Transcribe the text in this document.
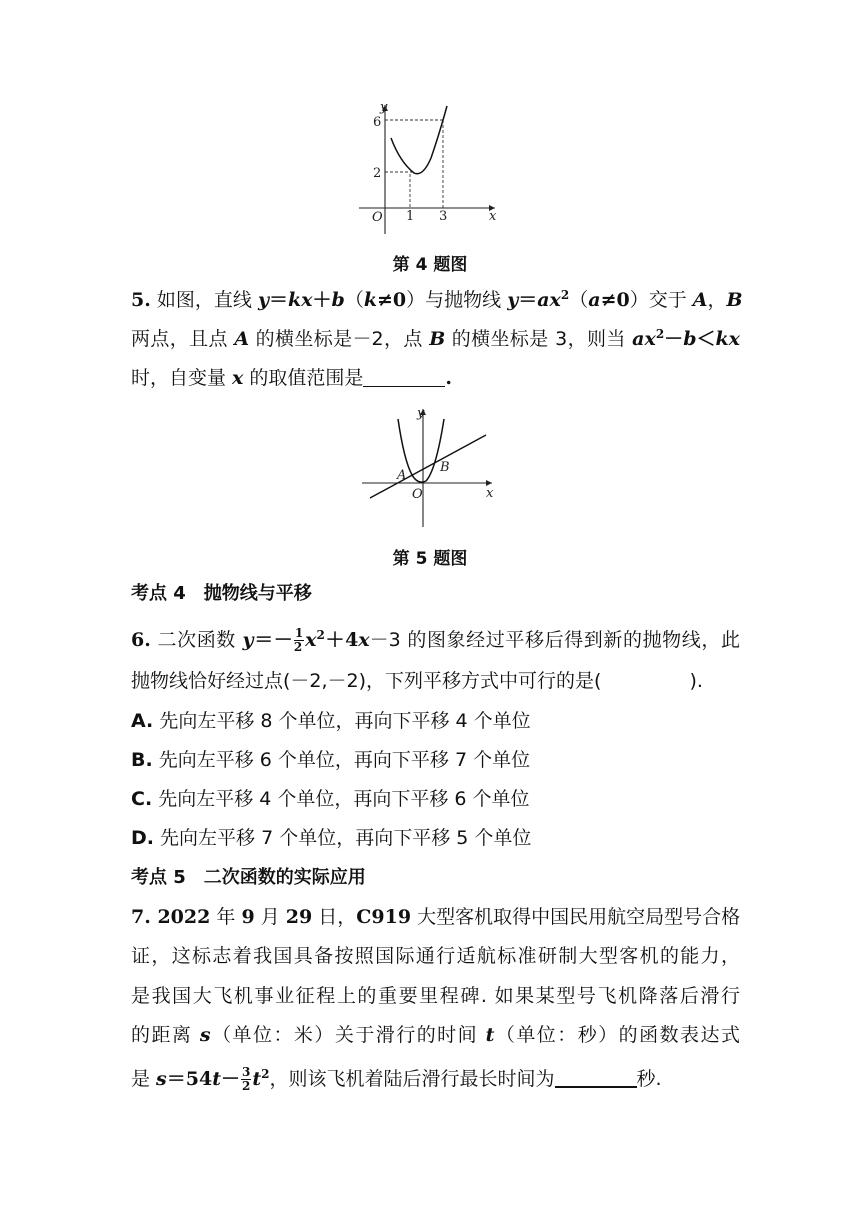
y
x
O
6
2
1 3
第 4 题图
5. 如图，直线 y＝kx＋b（k≠0）与抛物线 $y=ax^2(a\ne 0)$交于 A，B
两点，且点 A 的横坐标是－2，点 B 的横坐标是 3，则当 $ax^2-b<kx$
时，自变量 x 的取值范围是	.
y
x
O
A
B
第 5 题图
考点 4　抛物线与平移
6. 二次函数 $y=- \frac{1}{2} x^2+4x-3$ 的图象经过平移后得到新的抛物线，此
抛物线恰好经过点(－2,－2)，下列平移方式中可行的是(	).
A. 先向左平移 8 个单位，再向下平移 4 个单位
B. 先向左平移 6 个单位，再向下平移 7 个单位
C. 先向左平移 4 个单位，再向下平移 6 个单位
D. 先向左平移 7 个单位，再向下平移 5 个单位
考点 5　二次函数的实际应用
7. 2022 年 9 月 29 日，C919 大型客机取得中国民用航空局型号合格
证，这标志着我国具备按照国际通行适航标准研制大型客机的能力，
是我国大飞机事业征程上的重要里程碑. 如果某型号飞机降落后滑行
的距离 s（单位：米）关于滑行的时间 t（单位：秒）的函数表达式
是 $s=54t- \frac{3}{2} t^2$，则该飞机着陆后滑行最长时间为	秒.
